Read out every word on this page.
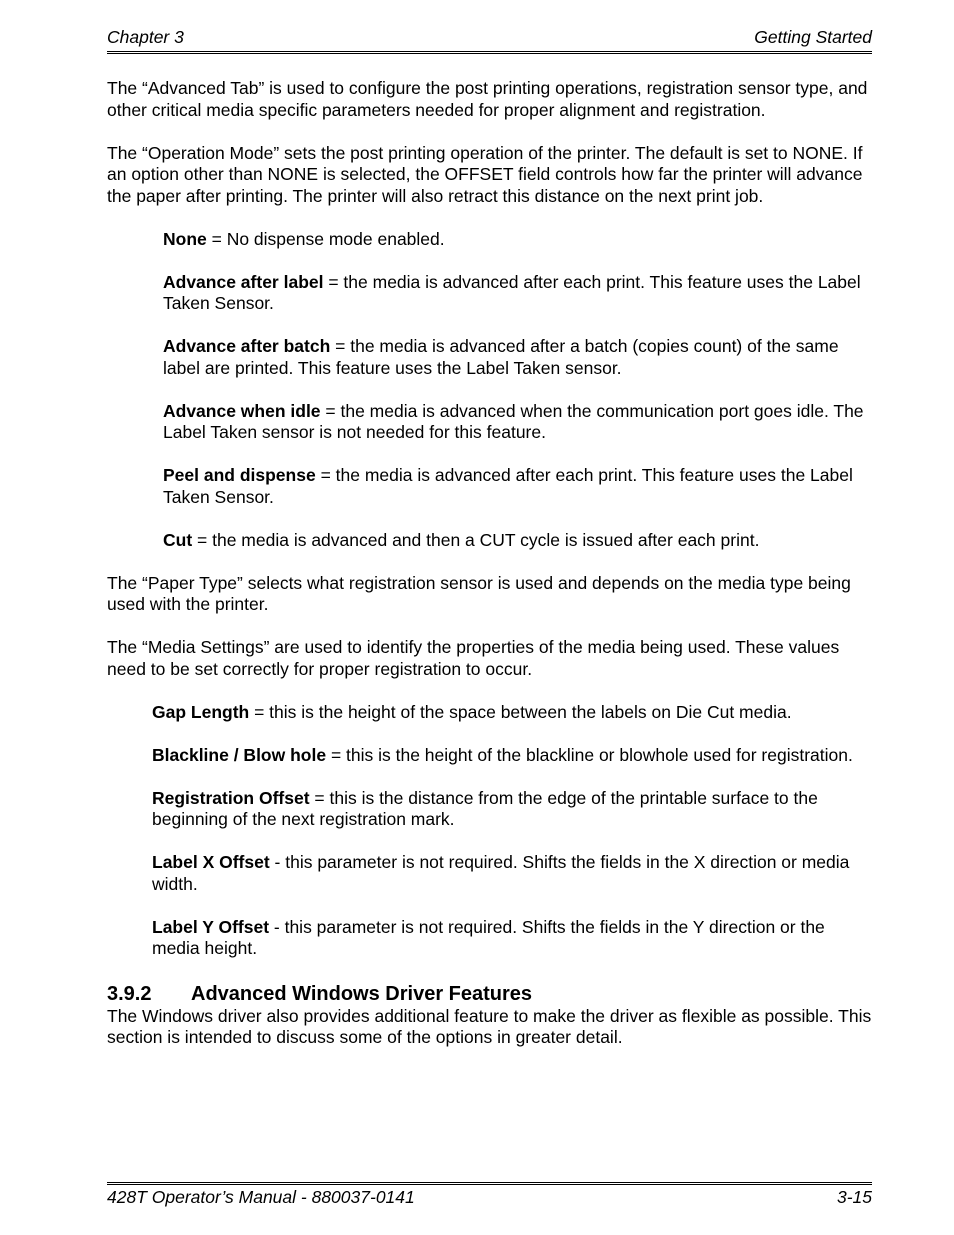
Chapter 3	Getting Started

The “Advanced Tab” is used to configure the post printing operations, registration sensor type, and other critical media specific parameters needed for proper alignment and registration.

The “Operation Mode” sets the post printing operation of the printer. The default is set to NONE. If an option other than NONE is selected, the OFFSET field controls how far the printer will advance the paper after printing. The printer will also retract this distance on the next print job.

None = No dispense mode enabled.

Advance after label = the media is advanced after each print. This feature uses the Label Taken Sensor.

Advance after batch = the media is advanced after a batch (copies count) of the same label are printed. This feature uses the Label Taken sensor.

Advance when idle = the media is advanced when the communication port goes idle. The Label Taken sensor is not needed for this feature.

Peel and dispense = the media is advanced after each print. This feature uses the Label Taken Sensor.

Cut = the media is advanced and then a CUT cycle is issued after each print.

The “Paper Type” selects what registration sensor is used and depends on the media type being used with the printer.

The “Media Settings” are used to identify the properties of the media being used. These values need to be set correctly for proper registration to occur.

Gap Length = this is the height of the space between the labels on Die Cut media.

Blackline / Blow hole = this is the height of the blackline or blowhole used for registration.

Registration Offset = this is the distance from the edge of the printable surface to the beginning of the next registration mark.

Label X Offset - this parameter is not required. Shifts the fields in the X direction or media width.

Label Y Offset - this parameter is not required. Shifts the fields in the Y direction or the media height.

3.9.2	Advanced Windows Driver Features

The Windows driver also provides additional feature to make the driver as flexible as possible. This section is intended to discuss some of the options in greater detail.

428T Operator’s Manual - 880037-0141	3-15
